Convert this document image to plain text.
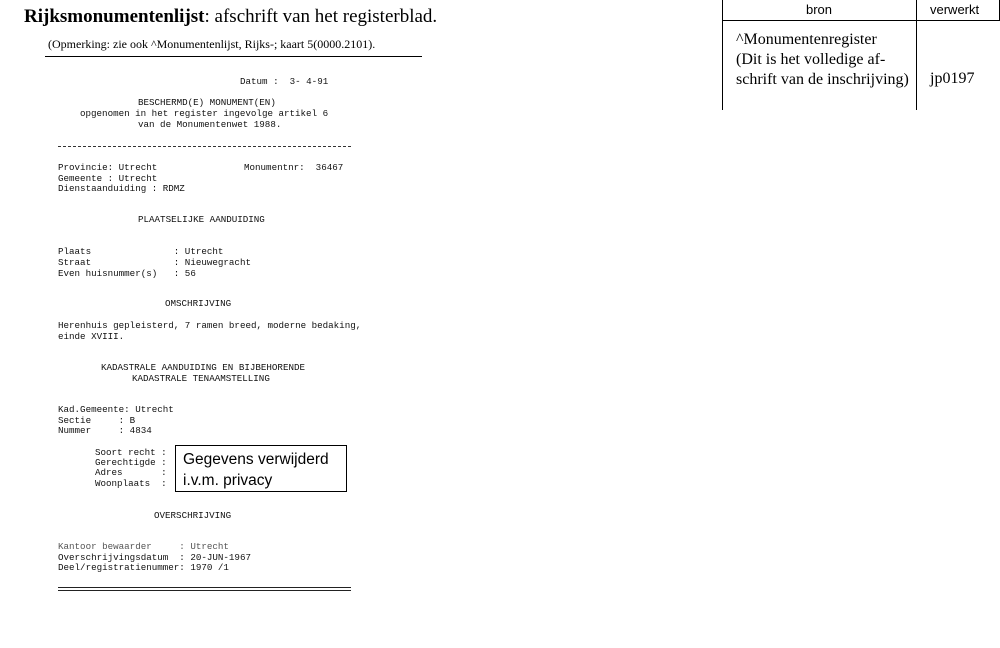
Rijksmonumentenlijst: afschrift van het registerblad.
(Opmerking: zie ook ^Monumentenlijst, Rijks-; kaart 5(0000.2101).
bron	verwerkt
^Monumentenregister
(Dit is het volledige af-
schrift van de inschrijving) jp0197
Datum :  3- 4-91
BESCHERMD(E) MONUMENT(EN)
opgenomen in het register ingevolge artikel 6
van de Monumentenwet 1988.
Provincie: Utrecht	Monumentnr:  36467
Gemeente : Utrecht
Dienstaanduiding : RDMZ
PLAATSELIJKE AANDUIDING
Plaats               : Utrecht
Straat               : Nieuwegracht
Even huisnummer(s)   : 56
OMSCHRIJVING
Herenhuis gepleisterd, 7 ramen breed, moderne bedaking,
einde XVIII.
KADASTRALE AANDUIDING EN BIJBEHORENDE
KADASTRALE TENAAMSTELLING
Kad.Gemeente: Utrecht
Sectie     : B
Nummer     : 4834
Soort recht :
Gerechtigde :
Adres       :
Woonplaats  :
Gegevens verwijderd
i.v.m. privacy
OVERSCHRIJVING
Kantoor bewaarder     : Utrecht
Overschrijvingsdatum  : 20-JUN-1967
Deel/registratienummer: 1970 /1
